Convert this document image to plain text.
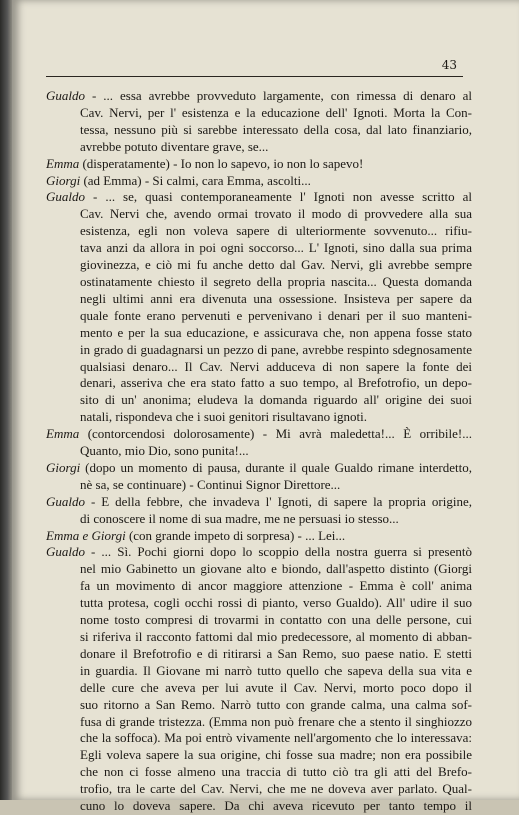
43
Gualdo - ... essa avrebbe provveduto largamente, con rimessa di denaro al
Cav. Nervi, per l' esistenza e la educazione dell' Ignoti. Morta la Con-
tessa, nessuno più si sarebbe interessato della cosa, dal lato finanziario,
avrebbe potuto diventare grave, se...
Emma (disperatamente) - Io non lo sapevo, io non lo sapevo!
Giorgi (ad Emma) - Si calmi, cara Emma, ascolti...
Gualdo - ... se, quasi contemporaneamente l' Ignoti non avesse scritto al
Cav. Nervi che, avendo ormai trovato il modo di provvedere alla sua
esistenza, egli non voleva sapere di ulteriormente sovvenuto... rifiu-
tava anzi da allora in poi ogni soccorso... L' Ignoti, sino dalla sua prima
giovinezza, e ciò mi fu anche detto dal Gav. Nervi, gli avrebbe sempre
ostinatamente chiesto il segreto della propria nascita... Questa domanda
negli ultimi anni era divenuta una ossessione. Insisteva per sapere da
quale fonte erano pervenuti e pervenivano i denari per il suo manteni-
mento e per la sua educazione, e assicurava che, non appena fosse stato
in grado di guadagnarsi un pezzo di pane, avrebbe respinto sdegnosamente
qualsiasi denaro... Il Cav. Nervi adduceva di non sapere la fonte dei
denari, asseriva che era stato fatto a suo tempo, al Brefotrofio, un depo-
sito di un' anonima; eludeva la domanda riguardo all' origine dei suoi
natali, rispondeva che i suoi genitori risultavano ignoti.
Emma (contorcendosi dolorosamente) - Mi avrà maledetta!... È orribile!...
Quanto, mio Dio, sono punita!...
Giorgi (dopo un momento di pausa, durante il quale Gualdo rimane interdetto,
nè sa, se continuare) - Continui Signor Direttore...
Gualdo - E della febbre, che invadeva l' Ignoti, di sapere la propria origine,
di conoscere il nome di sua madre, me ne persuasi io stesso...
Emma e Giorgi (con grande impeto di sorpresa) - ... Lei...
Gualdo - ... Sì. Pochi giorni dopo lo scoppio della nostra guerra si presentò
nel mio Gabinetto un giovane alto e biondo, dall'aspetto distinto (Giorgi
fa un movimento di ancor maggiore attenzione - Emma è coll' anima
tutta protesa, cogli occhi rossi di pianto, verso Gualdo). All' udire il suo
nome tosto compresi di trovarmi in contatto con una delle persone, cui
si riferiva il racconto fattomi dal mio predecessore, al momento di abban-
donare il Brefotrofio e di ritirarsi a San Remo, suo paese natio. E stetti
in guardia. Il Giovane mi narrò tutto quello che sapeva della sua vita e
delle cure che aveva per lui avute il Cav. Nervi, morto poco dopo il
suo ritorno a San Remo. Narrò tutto con grande calma, una calma sof-
fusa di grande tristezza. (Emma non può frenare che a stento il singhiozzo
che la soffoca). Ma poi entrò vivamente nell'argomento che lo interessava:
Egli voleva sapere la sua origine, chi fosse sua madre; non era possibile
che non ci fosse almeno una traccia di tutto ciò tra gli atti del Brefo-
trofio, tra le carte del Cav. Nervi, che me ne doveva aver parlato. Qual-
cuno lo doveva sapere. Da chi aveva ricevuto per tanto tempo il
